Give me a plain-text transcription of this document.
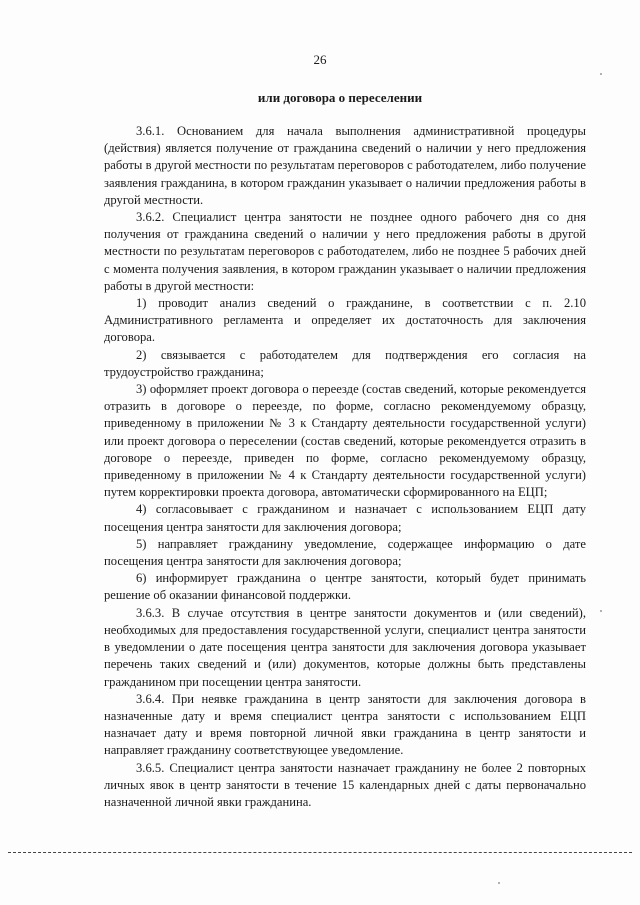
26
или договора о переселении

3.6.1. Основанием для начала выполнения административной процедуры (действия) является получение от гражданина сведений о наличии у него предложения работы в другой местности по результатам переговоров с работодателем, либо получение заявления гражданина, в котором гражданин указывает о наличии предложения работы в другой местности.

3.6.2. Специалист центра занятости не позднее одного рабочего дня со дня получения от гражданина сведений о наличии у него предложения работы в другой местности по результатам переговоров с работодателем, либо не позднее 5 рабочих дней с момента получения заявления, в котором гражданин указывает о наличии предложения работы в другой местности:

1) проводит анализ сведений о гражданине, в соответствии с п. 2.10 Административного регламента и определяет их достаточность для заключения договора.

2) связывается с работодателем для подтверждения его согласия на трудоустройство гражданина;

3) оформляет проект договора о переезде (состав сведений, которые рекомендуется отразить в договоре о переезде, по форме, согласно рекомендуемому образцу, приведенному в приложении № 3 к Стандарту деятельности государственной услуги) или проект договора о переселении (состав сведений, которые рекомендуется отразить в договоре о переезде, приведен по форме, согласно рекомендуемому образцу, приведенному в приложении № 4 к Стандарту деятельности государственной услуги) путем корректировки проекта договора, автоматически сформированного на ЕЦП;

4) согласовывает с гражданином и назначает с использованием ЕЦП дату посещения центра занятости для заключения договора;

5) направляет гражданину уведомление, содержащее информацию о дате посещения центра занятости для заключения договора;

6) информирует гражданина о центре занятости, который будет принимать решение об оказании финансовой поддержки.

3.6.3. В случае отсутствия в центре занятости документов и (или сведений), необходимых для предоставления государственной услуги, специалист центра занятости в уведомлении о дате посещения центра занятости для заключения договора указывает перечень таких сведений и (или) документов, которые должны быть представлены гражданином при посещении центра занятости.

3.6.4. При неявке гражданина в центр занятости для заключения договора в назначенные дату и время специалист центра занятости с использованием ЕЦП назначает дату и время повторной личной явки гражданина в центр занятости и направляет гражданину соответствующее уведомление.

3.6.5. Специалист центра занятости назначает гражданину не более 2 повторных личных явок в центр занятости в течение 15 календарных дней с даты первоначально назначенной личной явки гражданина.
